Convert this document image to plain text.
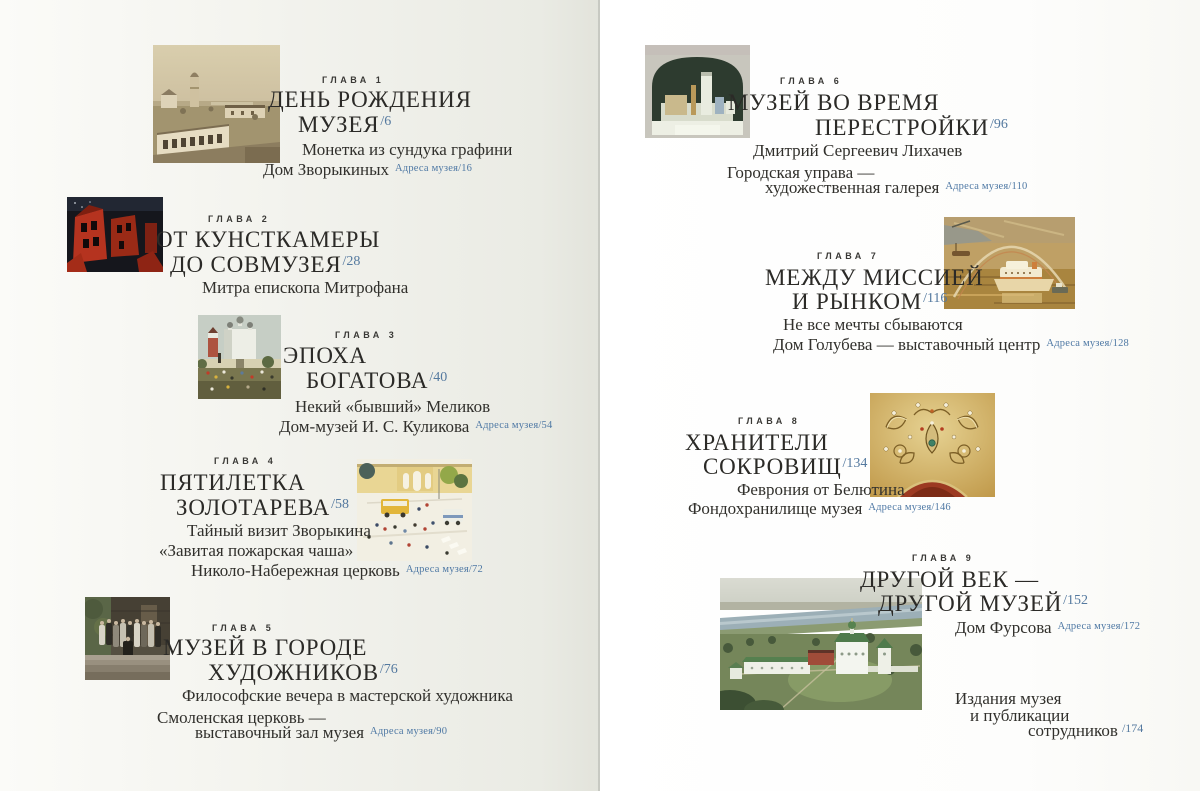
ГЛАВА 1
ДЕНЬ РОЖДЕНИЯ
$МУЗЕЯ^{/6}$
Монетка из сундука графини
Дом Зворыкиных $^{Адреса музея/16}$
ГЛАВА 2
ОТ КУНСТКАМЕРЫ
ДО $СОВМУЗЕЯ^{/28}$
Митра епископа Митрофана
ГЛАВА 3
ЭПОХА
$БОГАТОВА^{/40}$
Некий «бывший» Меликов
Дом-музей И. С. Куликова $^{Адреса музея/54}$
ГЛАВА 4
ПЯТИЛЕТКА
$ЗОЛОТАРЕВА^{/58}$
Тайный визит Зворыкина
«Завитая пожарская чаша»
Николо-Набережная церковь $^{Адреса музея/72}$
ГЛАВА 5
МУЗЕЙ В ГОРОДЕ
$ХУДОЖНИКОВ^{/76}$
Философские вечера в мастерской художника
Смоленская церковь —
выставочный зал музея $^{Адреса музея/90}$
ГЛАВА 6
МУЗЕЙ ВО ВРЕМЯ
$ПЕРЕСТРОЙКИ^{/96}$
Дмитрий Сергеевич Лихачев
Городская управа —
художественная галерея $^{Адреса музея/110}$
ГЛАВА 7
МЕЖДУ МИССИЕЙ
И $РЫНКОМ^{/116}$
Не все мечты сбываются
Дом Голубева — выставочный центр $^{Адреса музея/128}$
ГЛАВА 8
ХРАНИТЕЛИ
$СОКРОВИЩ^{/134}$
Феврония от Белютина
Фондохранилище музея $^{Адреса музея/146}$
ГЛАВА 9
ДРУГОЙ ВЕК —
ДРУГОЙ $МУЗЕЙ^{/152}$
Дом Фурсова $^{Адреса музея/172}$
Издания музея
и публикации
сотрудников $^{/174}$
